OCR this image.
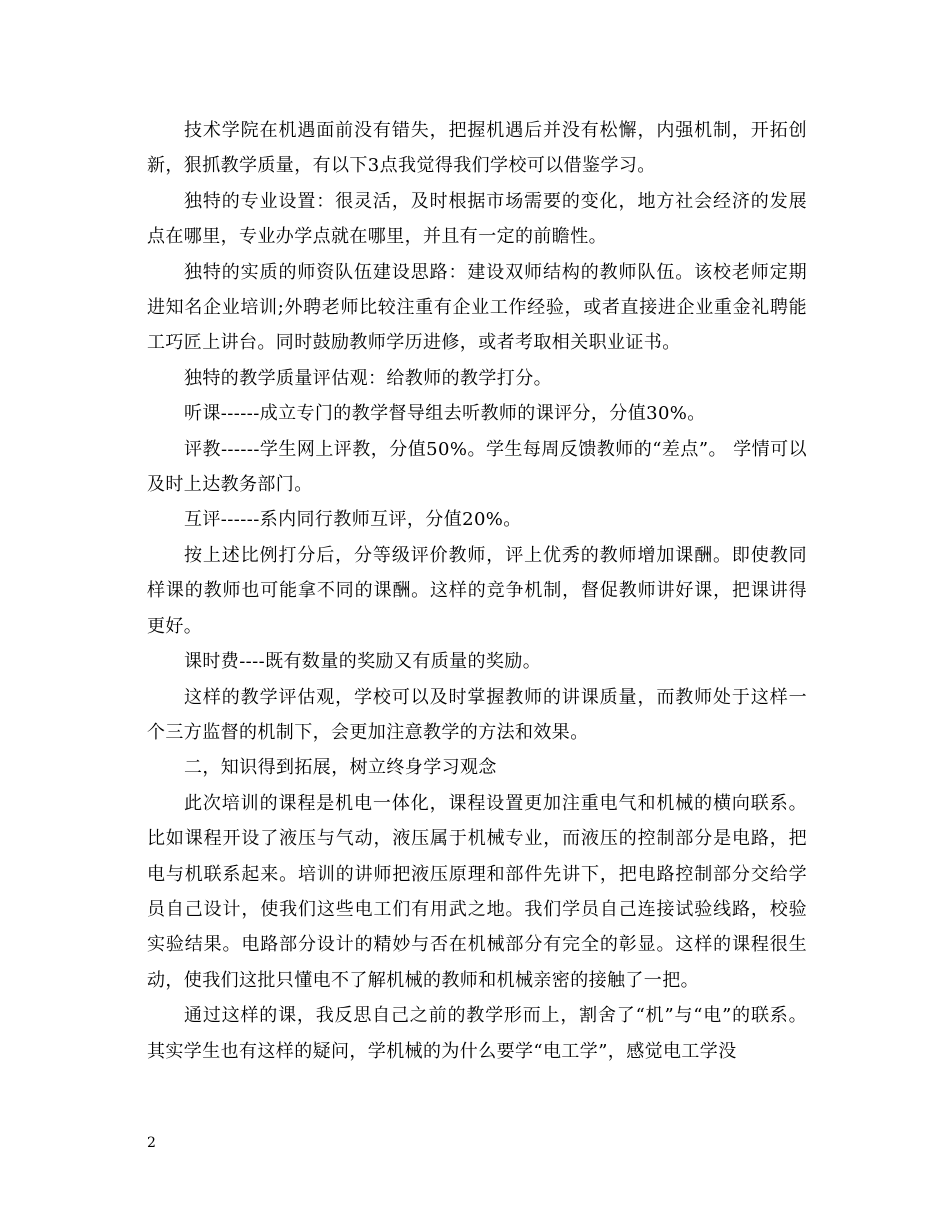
技术学院在机遇面前没有错失，把握机遇后并没有松懈，内强机制，开拓创新，狠抓教学质量，有以下3点我觉得我们学校可以借鉴学习。

独特的专业设置：很灵活，及时根据市场需要的变化，地方社会经济的发展点在哪里，专业办学点就在哪里，并且有一定的前瞻性。

独特的实质的师资队伍建设思路：建设双师结构的教师队伍。该校老师定期进知名企业培训;外聘老师比较注重有企业工作经验，或者直接进企业重金礼聘能工巧匠上讲台。同时鼓励教师学历进修，或者考取相关职业证书。

独特的教学质量评估观：给教师的教学打分。

听课------成立专门的教学督导组去听教师的课评分，分值30%。

评教------学生网上评教，分值50%。学生每周反馈教师的“差点”。 学情可以及时上达教务部门。

互评------系内同行教师互评，分值20%。

按上述比例打分后，分等级评价教师，评上优秀的教师增加课酬。即使教同样课的教师也可能拿不同的课酬。这样的竞争机制，督促教师讲好课，把课讲得更好。

课时费----既有数量的奖励又有质量的奖励。

这样的教学评估观，学校可以及时掌握教师的讲课质量，而教师处于这样一个三方监督的机制下，会更加注意教学的方法和效果。

二，知识得到拓展，树立终身学习观念

此次培训的课程是机电一体化，课程设置更加注重电气和机械的横向联系。比如课程开设了液压与气动，液压属于机械专业，而液压的控制部分是电路，把电与机联系起来。培训的讲师把液压原理和部件先讲下，把电路控制部分交给学员自己设计，使我们这些电工们有用武之地。我们学员自己连接试验线路，校验实验结果。电路部分设计的精妙与否在机械部分有完全的彰显。这样的课程很生动，使我们这批只懂电不了解机械的教师和机械亲密的接触了一把。

通过这样的课，我反思自己之前的教学形而上，割舍了“机”与“电”的联系。其实学生也有这样的疑问，学机械的为什么要学“电工学”，感觉电工学没

2
